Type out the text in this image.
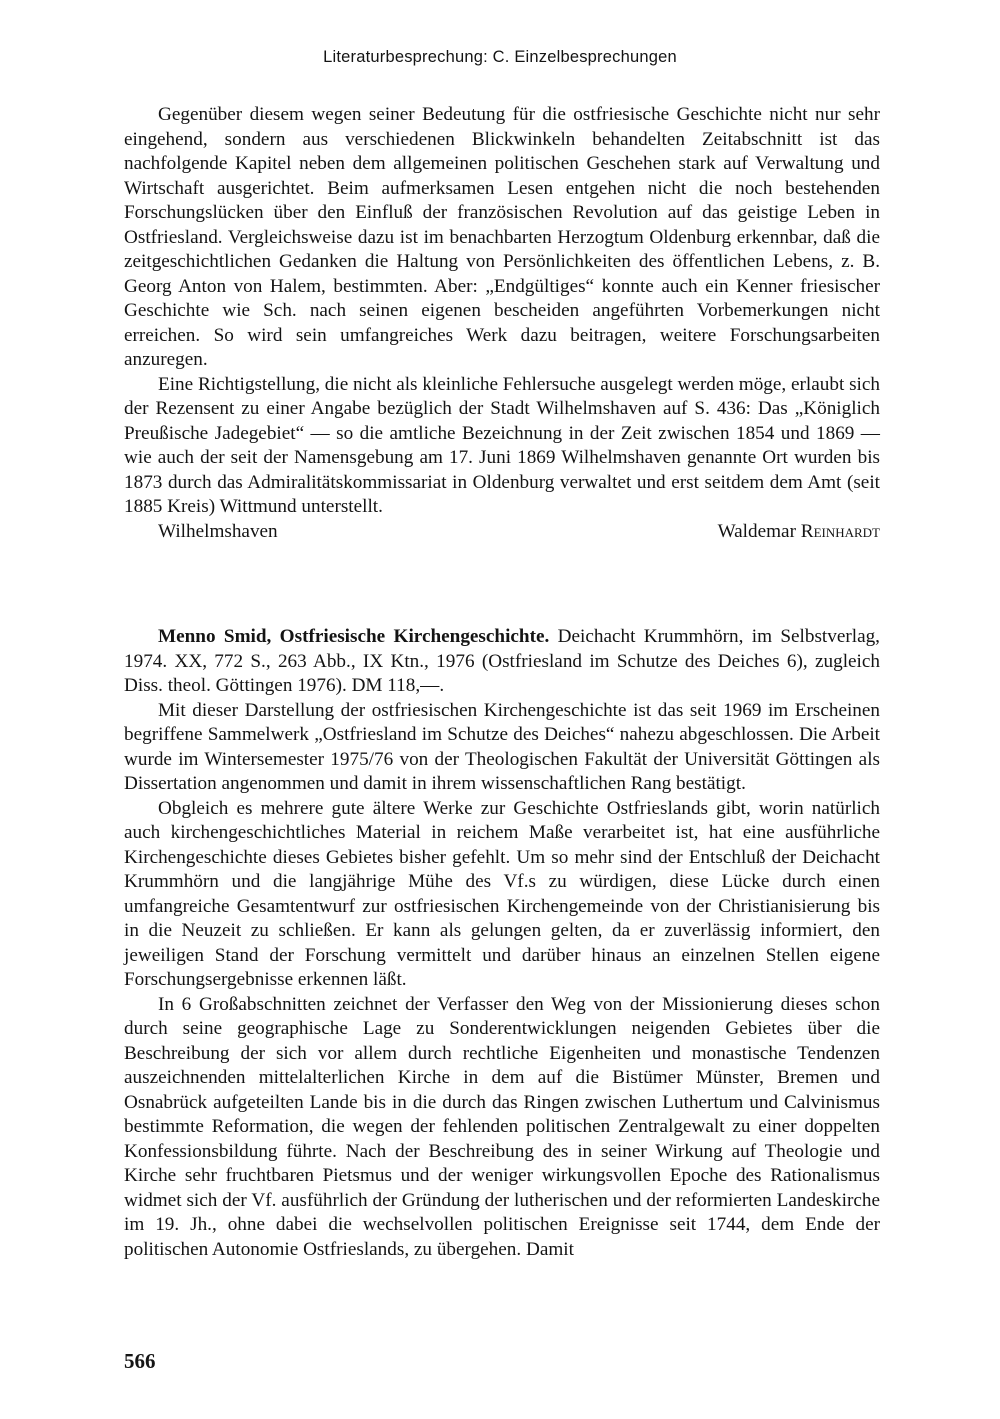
Literaturbesprechung: C. Einzelbesprechungen

Gegenüber diesem wegen seiner Bedeutung für die ostfriesische Geschichte nicht nur sehr eingehend, sondern aus verschiedenen Blickwinkeln behandelten Zeitabschnitt ist das nachfolgende Kapitel neben dem allgemeinen politischen Geschehen stark auf Verwaltung und Wirtschaft ausgerichtet. Beim aufmerksamen Lesen entgehen nicht die noch bestehenden Forschungslücken über den Einfluß der französischen Revolution auf das geistige Leben in Ostfriesland. Vergleichsweise dazu ist im benachbarten Herzogtum Oldenburg erkennbar, daß die zeitgeschichtlichen Gedanken die Haltung von Persönlichkeiten des öffentlichen Lebens, z. B. Georg Anton von Halem, bestimmten. Aber: „Endgültiges“ konnte auch ein Kenner friesischer Geschichte wie Sch. nach seinen eigenen bescheiden angeführten Vorbemerkungen nicht erreichen. So wird sein umfangreiches Werk dazu beitragen, weitere Forschungsarbeiten anzuregen.

Eine Richtigstellung, die nicht als kleinliche Fehlersuche ausgelegt werden möge, erlaubt sich der Rezensent zu einer Angabe bezüglich der Stadt Wilhelmshaven auf S. 436: Das „Königlich Preußische Jadegebiet“ — so die amtliche Bezeichnung in der Zeit zwischen 1854 und 1869 — wie auch der seit der Namensgebung am 17. Juni 1869 Wilhelmshaven genannte Ort wurden bis 1873 durch das Admiralitätskommissariat in Oldenburg verwaltet und erst seitdem dem Amt (seit 1885 Kreis) Wittmund unterstellt.

Wilhelmshaven	Waldemar Reinhardt

Menno Smid, Ostfriesische Kirchengeschichte. Deichacht Krummhörn, im Selbstverlag, 1974. XX, 772 S., 263 Abb., IX Ktn., 1976 (Ostfriesland im Schutze des Deiches 6), zugleich Diss. theol. Göttingen 1976). DM 118,—.

Mit dieser Darstellung der ostfriesischen Kirchengeschichte ist das seit 1969 im Erscheinen begriffene Sammelwerk „Ostfriesland im Schutze des Deiches“ nahezu abgeschlossen. Die Arbeit wurde im Wintersemester 1975/76 von der Theologischen Fakultät der Universität Göttingen als Dissertation angenommen und damit in ihrem wissenschaftlichen Rang bestätigt.

Obgleich es mehrere gute ältere Werke zur Geschichte Ostfrieslands gibt, worin natürlich auch kirchengeschichtliches Material in reichem Maße verarbeitet ist, hat eine ausführliche Kirchengeschichte dieses Gebietes bisher gefehlt. Um so mehr sind der Entschluß der Deichacht Krummhörn und die langjährige Mühe des Vf.s zu würdigen, diese Lücke durch einen umfangreiche Gesamtentwurf zur ostfriesischen Kirchengemeinde von der Christianisierung bis in die Neuzeit zu schließen. Er kann als gelungen gelten, da er zuverlässig informiert, den jeweiligen Stand der Forschung vermittelt und darüber hinaus an einzelnen Stellen eigene Forschungsergebnisse erkennen läßt.

In 6 Großabschnitten zeichnet der Verfasser den Weg von der Missionierung dieses schon durch seine geographische Lage zu Sonderentwicklungen neigenden Gebietes über die Beschreibung der sich vor allem durch rechtliche Eigenheiten und monastische Tendenzen auszeichnenden mittelalterlichen Kirche in dem auf die Bistümer Münster, Bremen und Osnabrück aufgeteilten Lande bis in die durch das Ringen zwischen Luthertum und Calvinismus bestimmte Reformation, die wegen der fehlenden politischen Zentralgewalt zu einer doppelten Konfessionsbildung führte. Nach der Beschreibung des in seiner Wirkung auf Theologie und Kirche sehr fruchtbaren Pietsmus und der weniger wirkungsvollen Epoche des Rationalismus widmet sich der Vf. ausführlich der Gründung der lutherischen und der reformierten Landeskirche im 19. Jh., ohne dabei die wechselvollen politischen Ereignisse seit 1744, dem Ende der politischen Autonomie Ostfrieslands, zu übergehen. Damit

566
